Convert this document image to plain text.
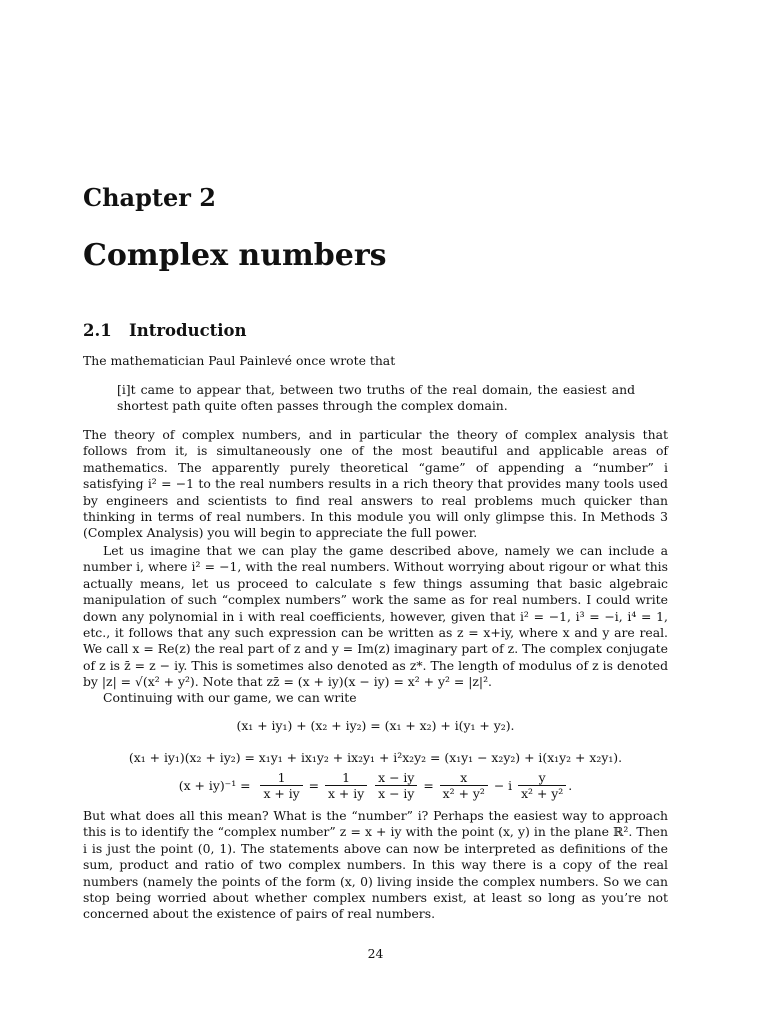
Chapter 2
Complex numbers
2.1 Introduction
The mathematician Paul Painlevé once wrote that
[i]t came to appear that, between two truths of the real domain, the easiest and shortest path quite often passes through the complex domain.
The theory of complex numbers, and in particular the theory of complex analysis that follows from it, is simultaneously one of the most beautiful and applicable areas of mathematics. The apparently purely theoretical “game” of appending a “number” i satisfying i² = −1 to the real numbers results in a rich theory that provides many tools used by engineers and scientists to find real answers to real problems much quicker than thinking in terms of real numbers. In this module you will only glimpse this. In Methods 3 (Complex Analysis) you will begin to appreciate the full power.
Let us imagine that we can play the game described above, namely we can include a number i, where i² = −1, with the real numbers. Without worrying about rigour or what this actually means, let us proceed to calculate s few things assuming that basic algebraic manipulation of such “complex numbers” work the same as for real numbers. I could write down any polynomial in i with real coefficients, however, given that i² = −1, i³ = −i, i⁴ = 1, etc., it follows that any such expression can be written as z = x+iy, where x and y are real. We call x = Re(z) the real part of z and y = Im(z) imaginary part of z. The complex conjugate of z is z̄ = z − iy. This is sometimes also denoted as z*. The length of modulus of z is denoted by |z| = √(x² + y²). Note that zz̄ = (x + iy)(x − iy) = x² + y² = |z|².
Continuing with our game, we can write
(x₁ + iy₁) + (x₂ + iy₂) = (x₁ + x₂) + i(y₁ + y₂).
(x₁ + iy₁)(x₂ + iy₂) = x₁y₁ + ix₁y₂ + ix₂y₁ + i²x₂y₂ = (x₁y₁ − x₂y₂) + i(x₁y₂ + x₂y₁).
$(x + iy)^{-1} = \frac{1}{x + iy} = \frac{1}{x + iy}$
$\frac{x - iy}{x - iy} = \frac{x}{\text{x² + y²}} - i \frac{y}{\text{x² + y²}}$ .
But what does all this mean? What is the “number” i? Perhaps the easiest way to approach this is to identify the “complex number” z = x + iy with the point (x, y) in the plane ℝ². Then i is just the point (0, 1). The statements above can now be interpreted as definitions of the sum, product and ratio of two complex numbers. In this way there is a copy of the real numbers (namely the points of the form (x, 0) living inside the complex numbers. So we can stop being worried about whether complex numbers exist, at least so long as you’re not concerned about the existence of pairs of real numbers.
24
